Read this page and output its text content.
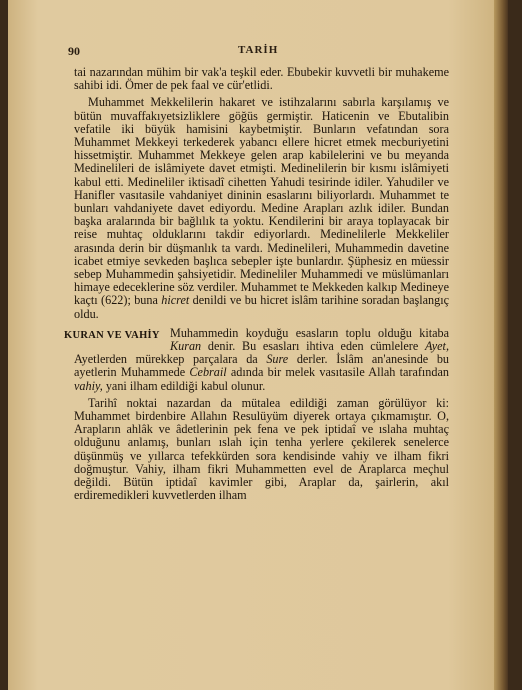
90	TARİH

tai nazarından mühim bir vak'a teşkil eder. Ebubekir kuvvetli bir muhakeme sahibi idi. Ömer de pek faal ve cür'etlidi.

Muhammet Mekkelilerin hakaret ve istihzalarını sabırla karşılamış ve bütün muvaffakıyetsizliklere göğüs germiştir. Haticenin ve Ebutalibin vefatile iki büyük hamisini kaybetmiştir. Bunların vefatından sora Muhammet Mekkeyi terkederek yabancı ellere hicret etmek mecburiyetini hissetmiştir. Muhammet Mekkeye gelen arap kabilelerini ve bu meyanda Medinelileri de islâmiyete davet etmişti. Medinelilerin bir kısmı islâmiyeti kabul etti. Medineliler iktisadî cihetten Yahudi tesirinde idiler. Yahudiler ve Hanifler vasıtasile vahdaniyet dininin esaslarını biliyorlardı. Muhammet te bunları vahdaniyete davet ediyordu. Medine Arapları azlık idiler. Bundan başka aralarında bir bağlılık ta yoktu. Kendilerini bir araya toplayacak bir reise muhtaç olduklarını takdir ediyorlardı. Medinelilerle Mekkeliler arasında derin bir düşmanlık ta vardı. Medinelileri, Muhammedin davetine icabet etmiye sevkeden başlıca sebepler işte bunlardır. Şüphesiz en müessir sebep Muhammedin şahsiyetidir. Medineliler Muhammedi ve müslümanları himaye edeceklerine söz verdiler. Muhammet te Mekkeden kalkıp Medineye kaçtı (622); buna hicret denildi ve bu hicret islâm tarihine soradan başlangıç oldu.

KURAN VE VAHİY Muhammedin koyduğu esasların toplu olduğu kitaba Kuran denir. Bu esasları ihtiva eden cümlelere Ayet, Ayetlerden mürekkep parçalara da Sure derler. İslâm an'anesinde bu ayetlerin Muhammede Cebrail adında bir melek vasıtasile Allah tarafından vahiy, yani ilham edildiği kabul olunur.

Tarihî noktai nazardan da mütalea edildiği zaman görülüyor ki: Muhammet birdenbire Allahın Resulüyüm diyerek ortaya çıkmamıştır. O, Arapların ahlâk ve âdetlerinin pek fena ve pek iptidaî ve ıslaha muhtaç olduğunu anlamış, bunları ıslah için tenha yerlere çekilerek senelerce düşünmüş ve yıllarca tefekkürden sora kendisinde vahiy ve ilham fikri doğmuştur. Vahiy, ilham fikri Muhammetten evel de Araplarca meçhul değildi. Bütün iptidaî kavimler gibi, Araplar da, şairlerin, akıl erdiremedikleri kuvvetlerden ilham
